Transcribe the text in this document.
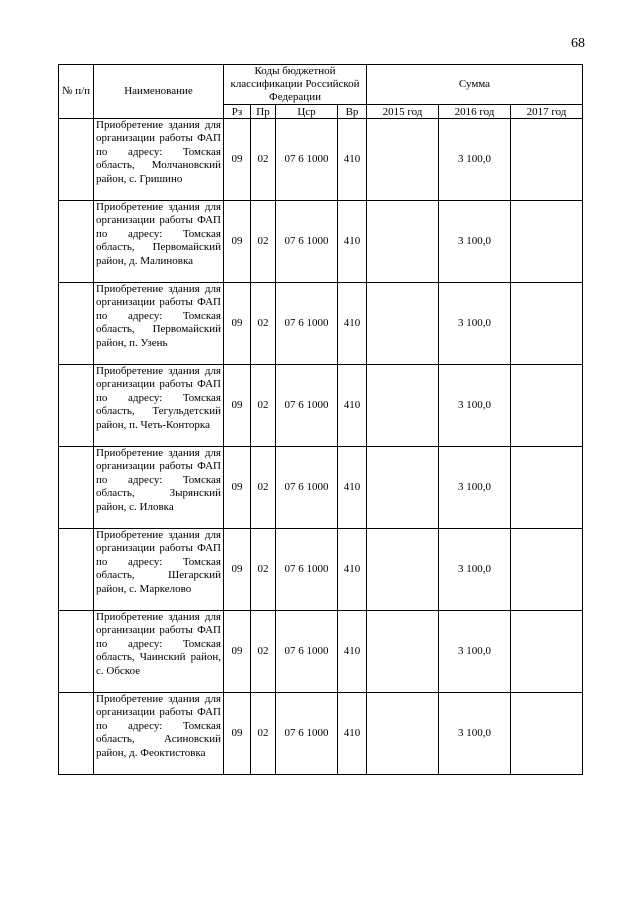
68
№ п/п	Наименование	Коды бюджетной классификации Российской Федерации				Сумма		
		Рз	Пр	Цср	Вр	2015 год	2016 год	2017 год
	Приобретение здания для организации работы ФАП по адресу: Томская область, Молчановский район, с. Гришино	09	02	07 6 1000	410		3 100,0	
	Приобретение здания для организации работы ФАП по адресу: Томская область, Первомайский район, д. Малиновка	09	02	07 6 1000	410		3 100,0	
	Приобретение здания для организации работы ФАП по адресу: Томская область, Первомайский район, п. Узень	09	02	07 6 1000	410		3 100,0	
	Приобретение здания для организации работы ФАП по адресу: Томская область, Тегульдетский район, п. Четь-Конторка	09	02	07 6 1000	410		3 100,0	
	Приобретение здания для организации работы ФАП по адресу: Томская область, Зырянский район, с. Иловка	09	02	07 6 1000	410		3 100,0	
	Приобретение здания для организации работы ФАП по адресу: Томская область, Шегарский район, с. Маркелово	09	02	07 6 1000	410		3 100,0	
	Приобретение здания для организации работы ФАП по адресу: Томская область, Чаинский район, с. Обское	09	02	07 6 1000	410		3 100,0	
	Приобретение здания для организации работы ФАП по адресу: Томская область, Асиновский район, д. Феоктистовка	09	02	07 6 1000	410		3 100,0	
